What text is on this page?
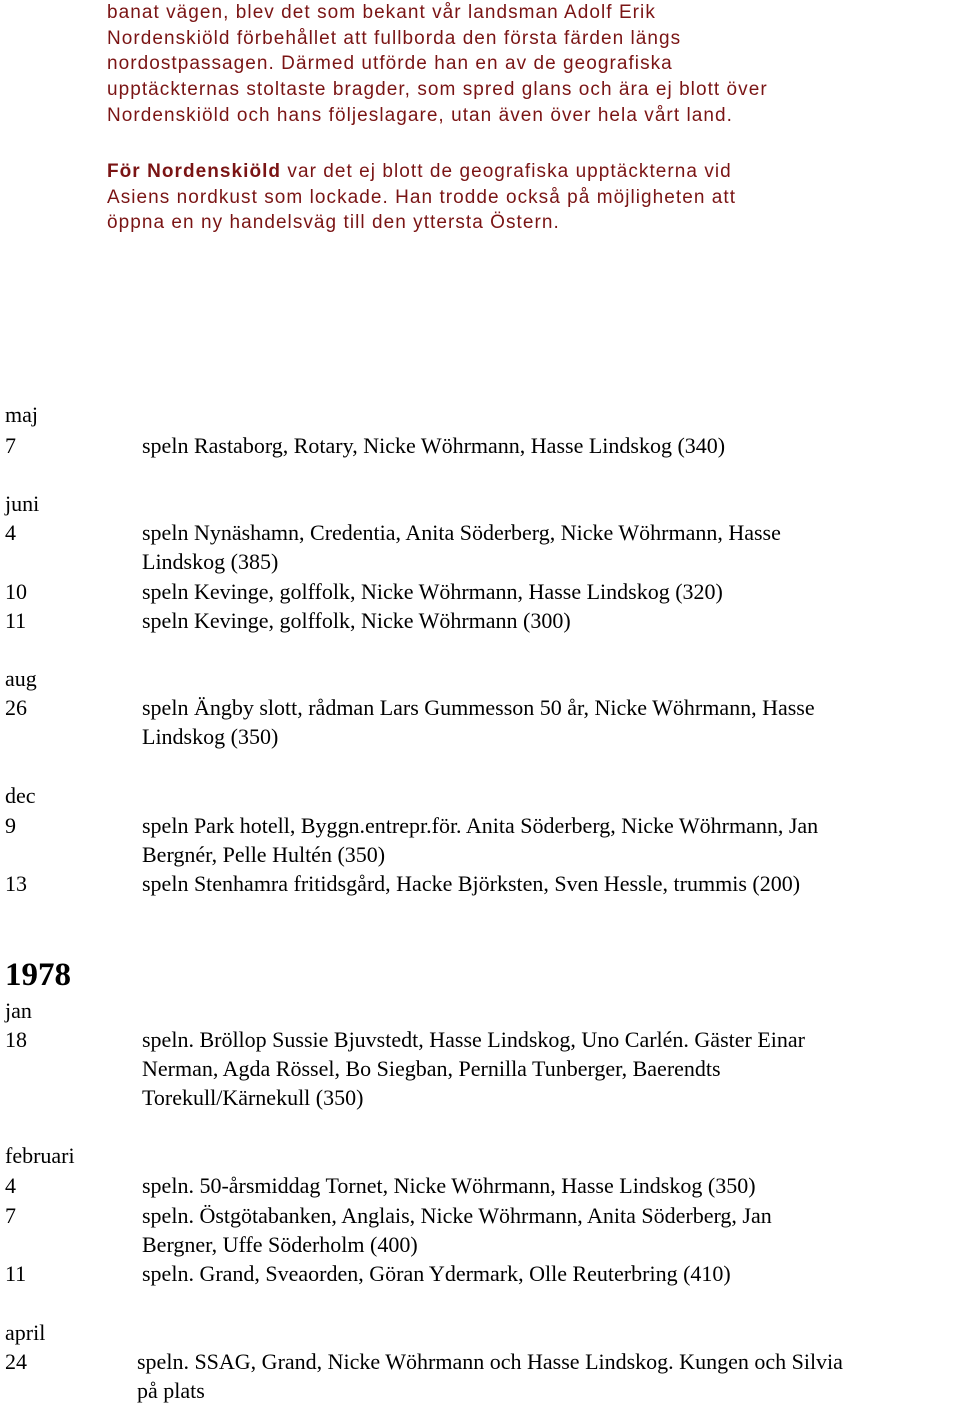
banat vägen, blev det som bekant vår landsman Adolf Erik
Nordenskiöld förbehållet att fullborda den första färden längs
nordostpassagen. Därmed utförde han en av de geografiska
upptäckternas stoltaste bragder, som spred glans och ära ej blott över
Nordenskiöld och hans följeslagare, utan även över hela vårt land.

För Nordenskiöld var det ej blott de geografiska upptäckterna vid
Asiens nordkust som lockade. Han trodde också på möjligheten att
öppna en ny handelsväg till den yttersta Östern.

maj
7	speln Rastaborg, Rotary, Nicke Wöhrmann, Hasse Lindskog (340)
juni
4	speln Nynäshamn, Credentia, Anita Söderberg, Nicke Wöhrmann, Hasse
Lindskog (385)
10	speln Kevinge, golffolk, Nicke Wöhrmann, Hasse Lindskog (320)
11	speln Kevinge, golffolk, Nicke Wöhrmann (300)
aug
26	speln Ängby slott, rådman Lars Gummesson 50 år, Nicke Wöhrmann, Hasse
Lindskog (350)
dec
9	speln Park hotell, Byggn.entrepr.för. Anita Söderberg, Nicke Wöhrmann, Jan
Bergnér, Pelle Hultén (350)
13	speln Stenhamra fritidsgård, Hacke Björksten, Sven Hessle, trummis (200)
1978
jan
18	speln. Bröllop Sussie Bjuvstedt, Hasse Lindskog, Uno Carlén. Gäster Einar
Nerman, Agda Rössel, Bo Siegban, Pernilla Tunberger, Baerendts
Torekull/Kärnekull (350)
februari
4	speln. 50-årsmiddag Tornet, Nicke Wöhrmann, Hasse Lindskog (350)
7	speln. Östgötabanken, Anglais, Nicke Wöhrmann, Anita Söderberg, Jan
Bergner, Uffe Söderholm (400)
11	speln. Grand, Sveaorden, Göran Ydermark, Olle Reuterbring (410)
april
24	speln. SSAG, Grand, Nicke Wöhrmann och Hasse Lindskog. Kungen och Silvia
på plats
